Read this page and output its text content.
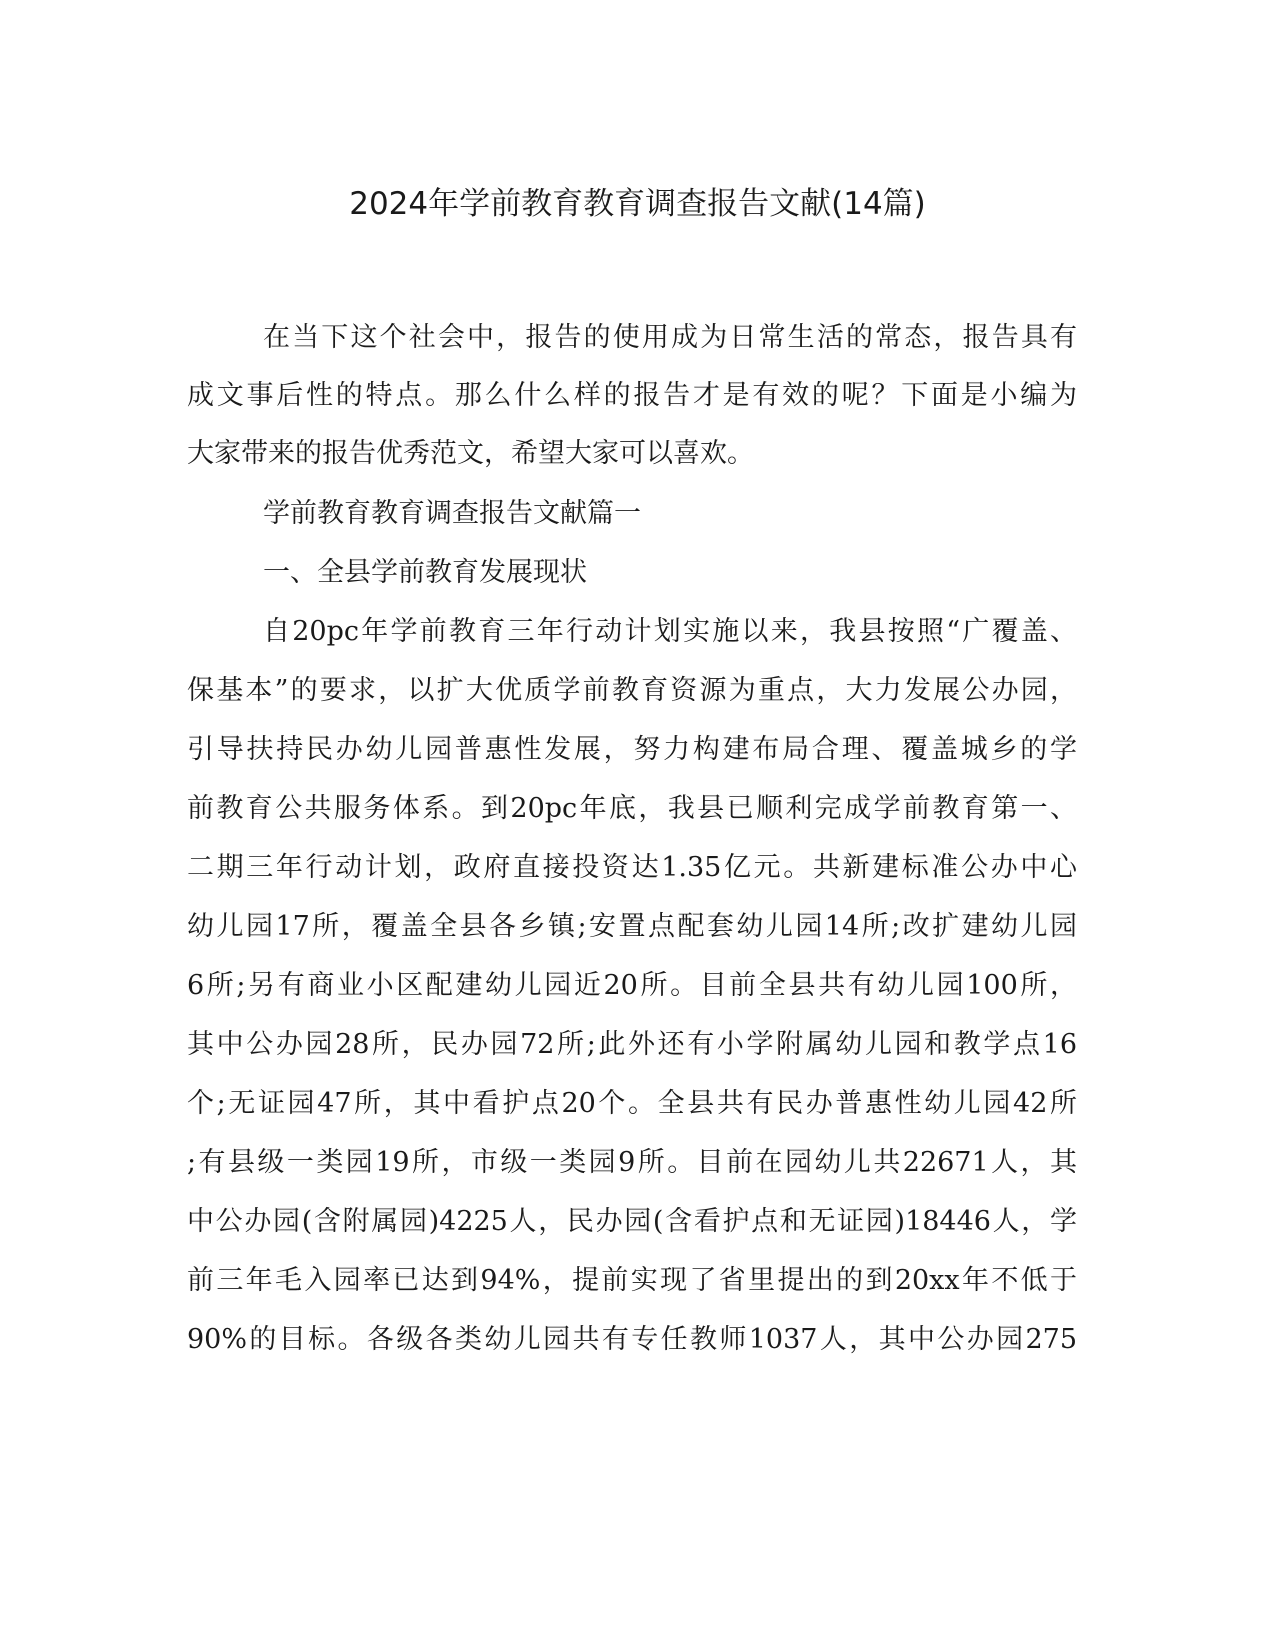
2024年学前教育教育调查报告文献(14篇)
在当下这个社会中，报告的使用成为日常生活的常态，报告具有
成文事后性的特点。那么什么样的报告才是有效的呢？下面是小编为
大家带来的报告优秀范文，希望大家可以喜欢。
学前教育教育调查报告文献篇一
一、全县学前教育发展现状
自20pc年学前教育三年行动计划实施以来，我县按照“广覆盖、
保基本”的要求，以扩大优质学前教育资源为重点，大力发展公办园，
引导扶持民办幼儿园普惠性发展，努力构建布局合理、覆盖城乡的学
前教育公共服务体系。到20pc年底，我县已顺利完成学前教育第一、
二期三年行动计划，政府直接投资达1.35亿元。共新建标准公办中心
幼儿园17所，覆盖全县各乡镇;安置点配套幼儿园14所;改扩建幼儿园
6所;另有商业小区配建幼儿园近20所。目前全县共有幼儿园100所，
其中公办园28所，民办园72所;此外还有小学附属幼儿园和教学点16
个;无证园47所，其中看护点20个。全县共有民办普惠性幼儿园42所
;有县级一类园19所，市级一类园9所。目前在园幼儿共22671人，其
中公办园(含附属园)4225人，民办园(含看护点和无证园)18446人，学
前三年毛入园率已达到94%，提前实现了省里提出的到20xx年不低于
90%的目标。各级各类幼儿园共有专任教师1037人，其中公办园275
